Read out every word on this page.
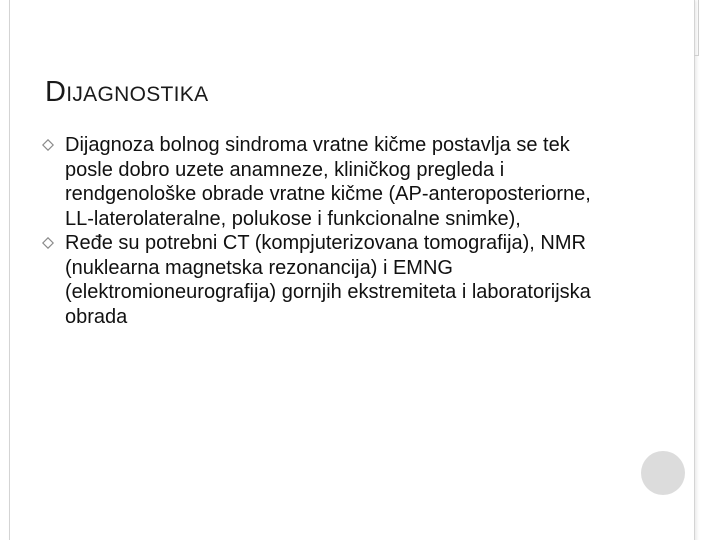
DIJAGNOSTIKA
Dijagnoza bolnog sindroma vratne kičme postavlja se tek posle dobro uzete anamneze, kliničkog pregleda i rendgenološke obrade vratne kičme (AP-anteroposteriorne, LL-laterolateralne, polukose i funkcionalne snimke),
Ređe su potrebni CT (kompjuterizovana tomografija), NMR (nuklearna magnetska rezonancija) i EMNG (elektromioneurografija) gornjih ekstremiteta i laboratorijska obrada
